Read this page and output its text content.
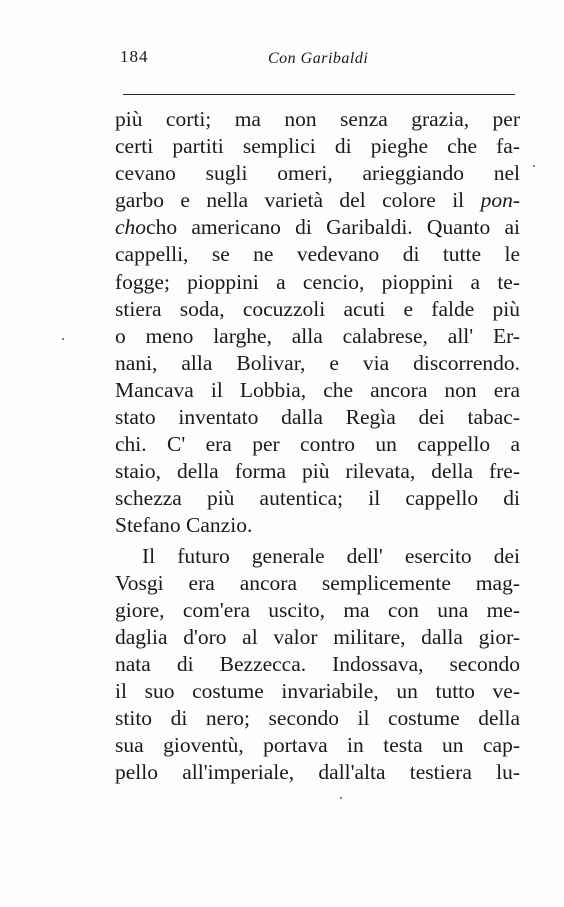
184	Con Garibaldi
più corti; ma non senza grazia, per
certi partiti semplici di pieghe che fa-
cevano sugli omeri, arieggiando nel
garbo e nella varietà del colore il pon-
chocho americano di Garibaldi. Quanto ai
cappelli, se ne vedevano di tutte le
fogge; pioppini a cencio, pioppini a te-
stiera soda, cocuzzoli acuti e falde più
o meno larghe, alla calabrese, all' Er-
nani, alla Bolivar, e via discorrendo.
Mancava il Lobbia, che ancora non era
stato inventato dalla Regìa dei tabac-
chi. C' era per contro un cappello a
staio, della forma più rilevata, della fre-
schezza più autentica; il cappello di
Stefano Canzio.
Il futuro generale dell' esercito dei
Vosgi era ancora semplicemente mag-
giore, com'era uscito, ma con una me-
daglia d'oro al valor militare, dalla gior-
nata di Bezzecca. Indossava, secondo
il suo costume invariabile, un tutto ve-
stito di nero; secondo il costume della
sua gioventù, portava in testa un cap-
pello all'imperiale, dall'alta testiera lu-
